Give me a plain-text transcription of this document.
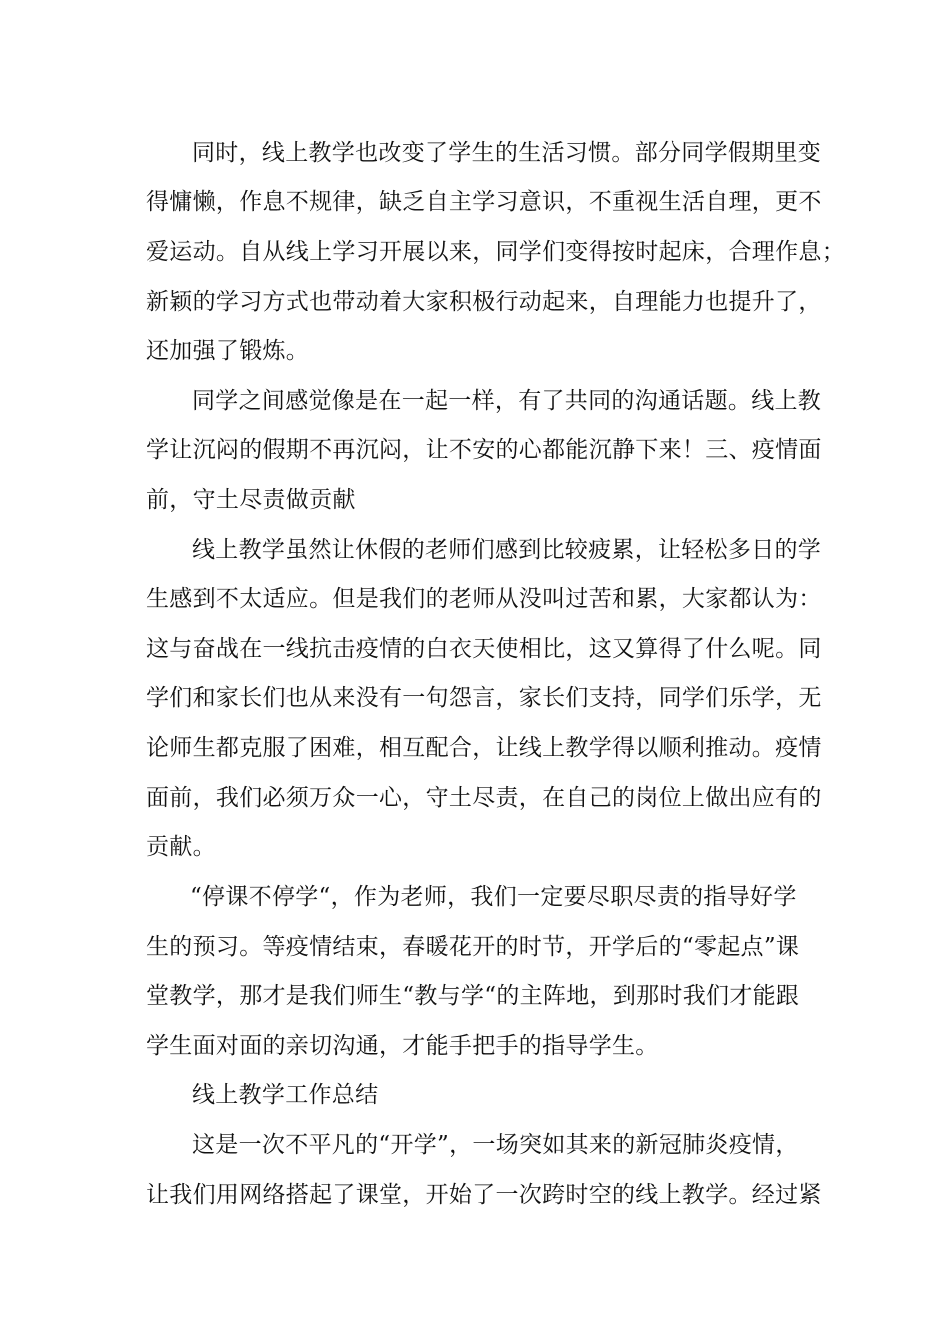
同时，线上教学也改变了学生的生活习惯。部分同学假期里变

得慵懒，作息不规律，缺乏自主学习意识，不重视生活自理，更不

爱运动。自从线上学习开展以来，同学们变得按时起床，合理作息；

新颖的学习方式也带动着大家积极行动起来，自理能力也提升了，

还加强了锻炼。

同学之间感觉像是在一起一样，有了共同的沟通话题。线上教

学让沉闷的假期不再沉闷，让不安的心都能沉静下来！三、疫情面

前，守土尽责做贡献

线上教学虽然让休假的老师们感到比较疲累，让轻松多日的学

生感到不太适应。但是我们的老师从没叫过苦和累，大家都认为：

这与奋战在一线抗击疫情的白衣天使相比，这又算得了什么呢。同

学们和家长们也从来没有一句怨言，家长们支持，同学们乐学，无

论师生都克服了困难，相互配合，让线上教学得以顺利推动。疫情

面前，我们必须万众一心，守土尽责，在自己的岗位上做出应有的

贡献。

“停课不停学“，作为老师，我们一定要尽职尽责的指导好学

生的预习。等疫情结束，春暖花开的时节，开学后的“零起点”课

堂教学，那才是我们师生“教与学“的主阵地，到那时我们才能跟

学生面对面的亲切沟通，才能手把手的指导学生。

线上教学工作总结

这是一次不平凡的“开学”，一场突如其来的新冠肺炎疫情，

让我们用网络搭起了课堂，开始了一次跨时空的线上教学。经过紧
